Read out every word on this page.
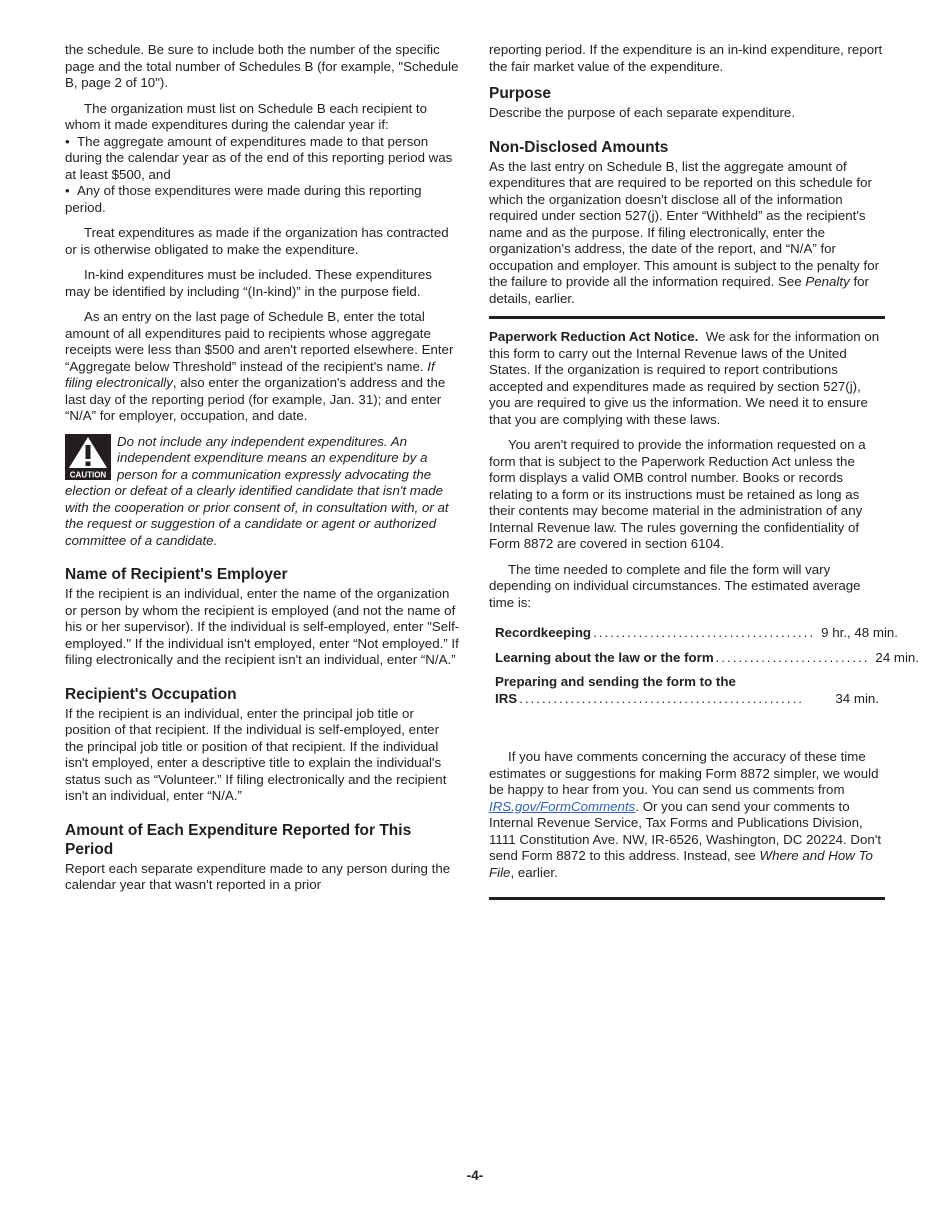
the schedule. Be sure to include both the number of the specific page and the total number of Schedules B (for example, "Schedule B, page 2 of 10").

The organization must list on Schedule B each recipient to whom it made expenditures during the calendar year if:

•  The aggregate amount of expenditures made to that person during the calendar year as of the end of this reporting period was at least $500, and

•  Any of those expenditures were made during this reporting period.

Treat expenditures as made if the organization has contracted or is otherwise obligated to make the expenditure.

In-kind expenditures must be included. These expenditures may be identified by including “(In-kind)” in the purpose field.

As an entry on the last page of Schedule B, enter the total amount of all expenditures paid to recipients whose aggregate receipts were less than $500 and aren't reported elsewhere. Enter “Aggregate below Threshold” instead of the recipient's name. If filing electronically, also enter the organization's address and the last day of the reporting period (for example, Jan. 31); and enter “N/A” for employer, occupation, and date.

CAUTION
Do not include any independent expenditures. An independent expenditure means an expenditure by a person for a communication expressly advocating the election or defeat of a clearly identified candidate that isn't made with the cooperation or prior consent of, in consultation with, or at the request or suggestion of a candidate or agent or authorized committee of a candidate.
Name of Recipient's Employer

If the recipient is an individual, enter the name of the organization or person by whom the recipient is employed (and not the name of his or her supervisor). If the individual is self-employed, enter "Self-employed." If the individual isn't employed, enter “Not employed.” If filing electronically and the recipient isn't an individual, enter “N/A.”

Recipient's Occupation

If the recipient is an individual, enter the principal job title or position of that recipient. If the individual is self-employed, enter the principal job title or position of that recipient. If the individual isn't employed, enter a descriptive title to explain the individual's status such as “Volunteer.” If filing electronically and the recipient isn't an individual, enter “N/A.”

Amount of Each Expenditure Reported for This Period

Report each separate expenditure made to any person during the calendar year that wasn't reported in a prior

reporting period. If the expenditure is an in-kind expenditure, report the fair market value of the expenditure.

Purpose

Describe the purpose of each separate expenditure.

Non-Disclosed Amounts

As the last entry on Schedule B, list the aggregate amount of expenditures that are required to be reported on this schedule for which the organization doesn't disclose all of the information required under section 527(j). Enter “Withheld” as the recipient's name and as the purpose. If filing electronically, enter the organization's address, the date of the report, and “N/A” for occupation and employer. This amount is subject to the penalty for the failure to provide all the information required. See Penalty for details, earlier.

Paperwork Reduction Act Notice. We ask for the information on this form to carry out the Internal Revenue laws of the United States. If the organization is required to report contributions accepted and expenditures made as required by section 527(j), you are required to give us the information. We need it to ensure that you are complying with these laws.

You aren't required to provide the information requested on a form that is subject to the Paperwork Reduction Act unless the form displays a valid OMB control number. Books or records relating to a form or its instructions must be retained as long as their contents may become material in the administration of any Internal Revenue law. The rules governing the confidentiality of Form 8872 are covered in section 6104.

The time needed to complete and file the form will vary depending on individual circumstances. The estimated average time is:

Recordkeeping ....................................... 9 hr., 48 min.
Learning about the law or the form ........................... 24 min.
Preparing and sending the form to the
IRS ..................................................	34 min.

If you have comments concerning the accuracy of these time estimates or suggestions for making Form 8872 simpler, we would be happy to hear from you. You can send us comments from IRS.gov/FormComments. Or you can send your comments to Internal Revenue Service, Tax Forms and Publications Division, 1111 Constitution Ave. NW, IR-6526, Washington, DC 20224. Don't send Form 8872 to this address. Instead, see Where and How To File, earlier.

-4-
